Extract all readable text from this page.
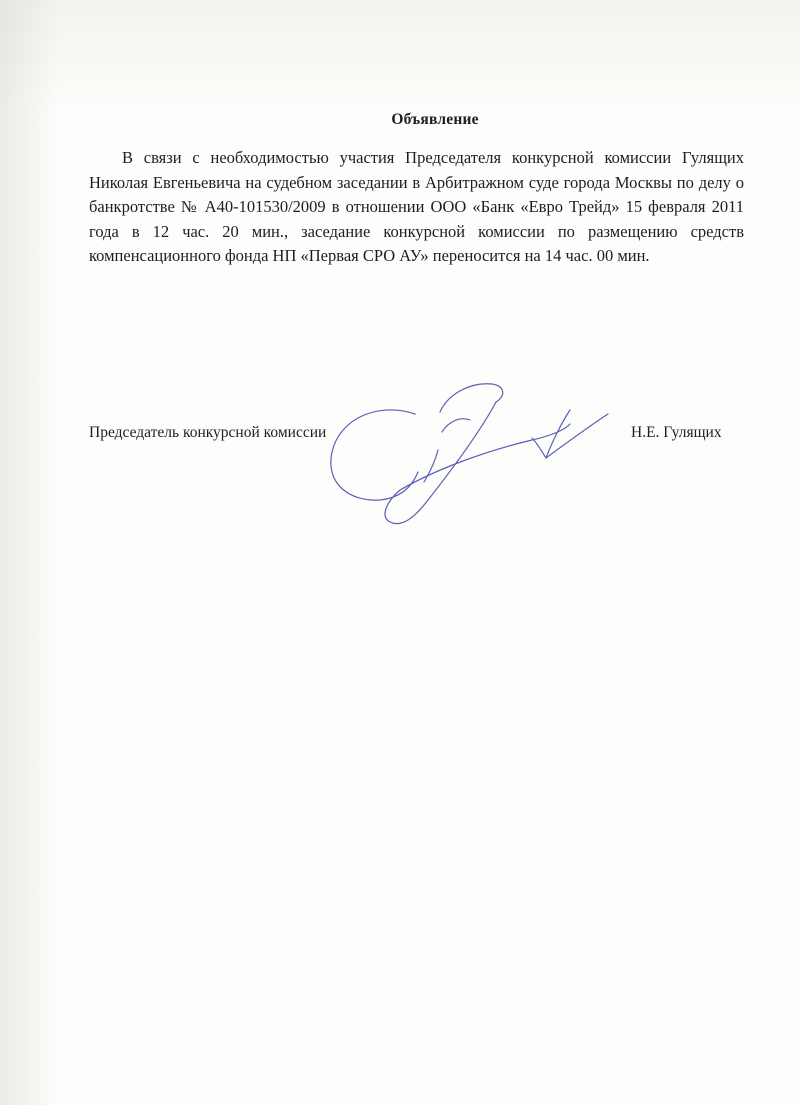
Объявление

В связи с необходимостью участия Председателя конкурсной комиссии Гулящих Николая Евгеньевича на судебном заседании в Арбитражном суде города Москвы по делу о банкротстве № А40-101530/2009 в отношении ООО «Банк «Евро Трейд» 15 февраля 2011 года в 12 час. 20 мин., заседание конкурсной комиссии по размещению средств компенсационного фонда НП «Первая СРО АУ» переносится на 14 час. 00 мин.

Председатель конкурсной комиссии	Н.Е. Гулящих
